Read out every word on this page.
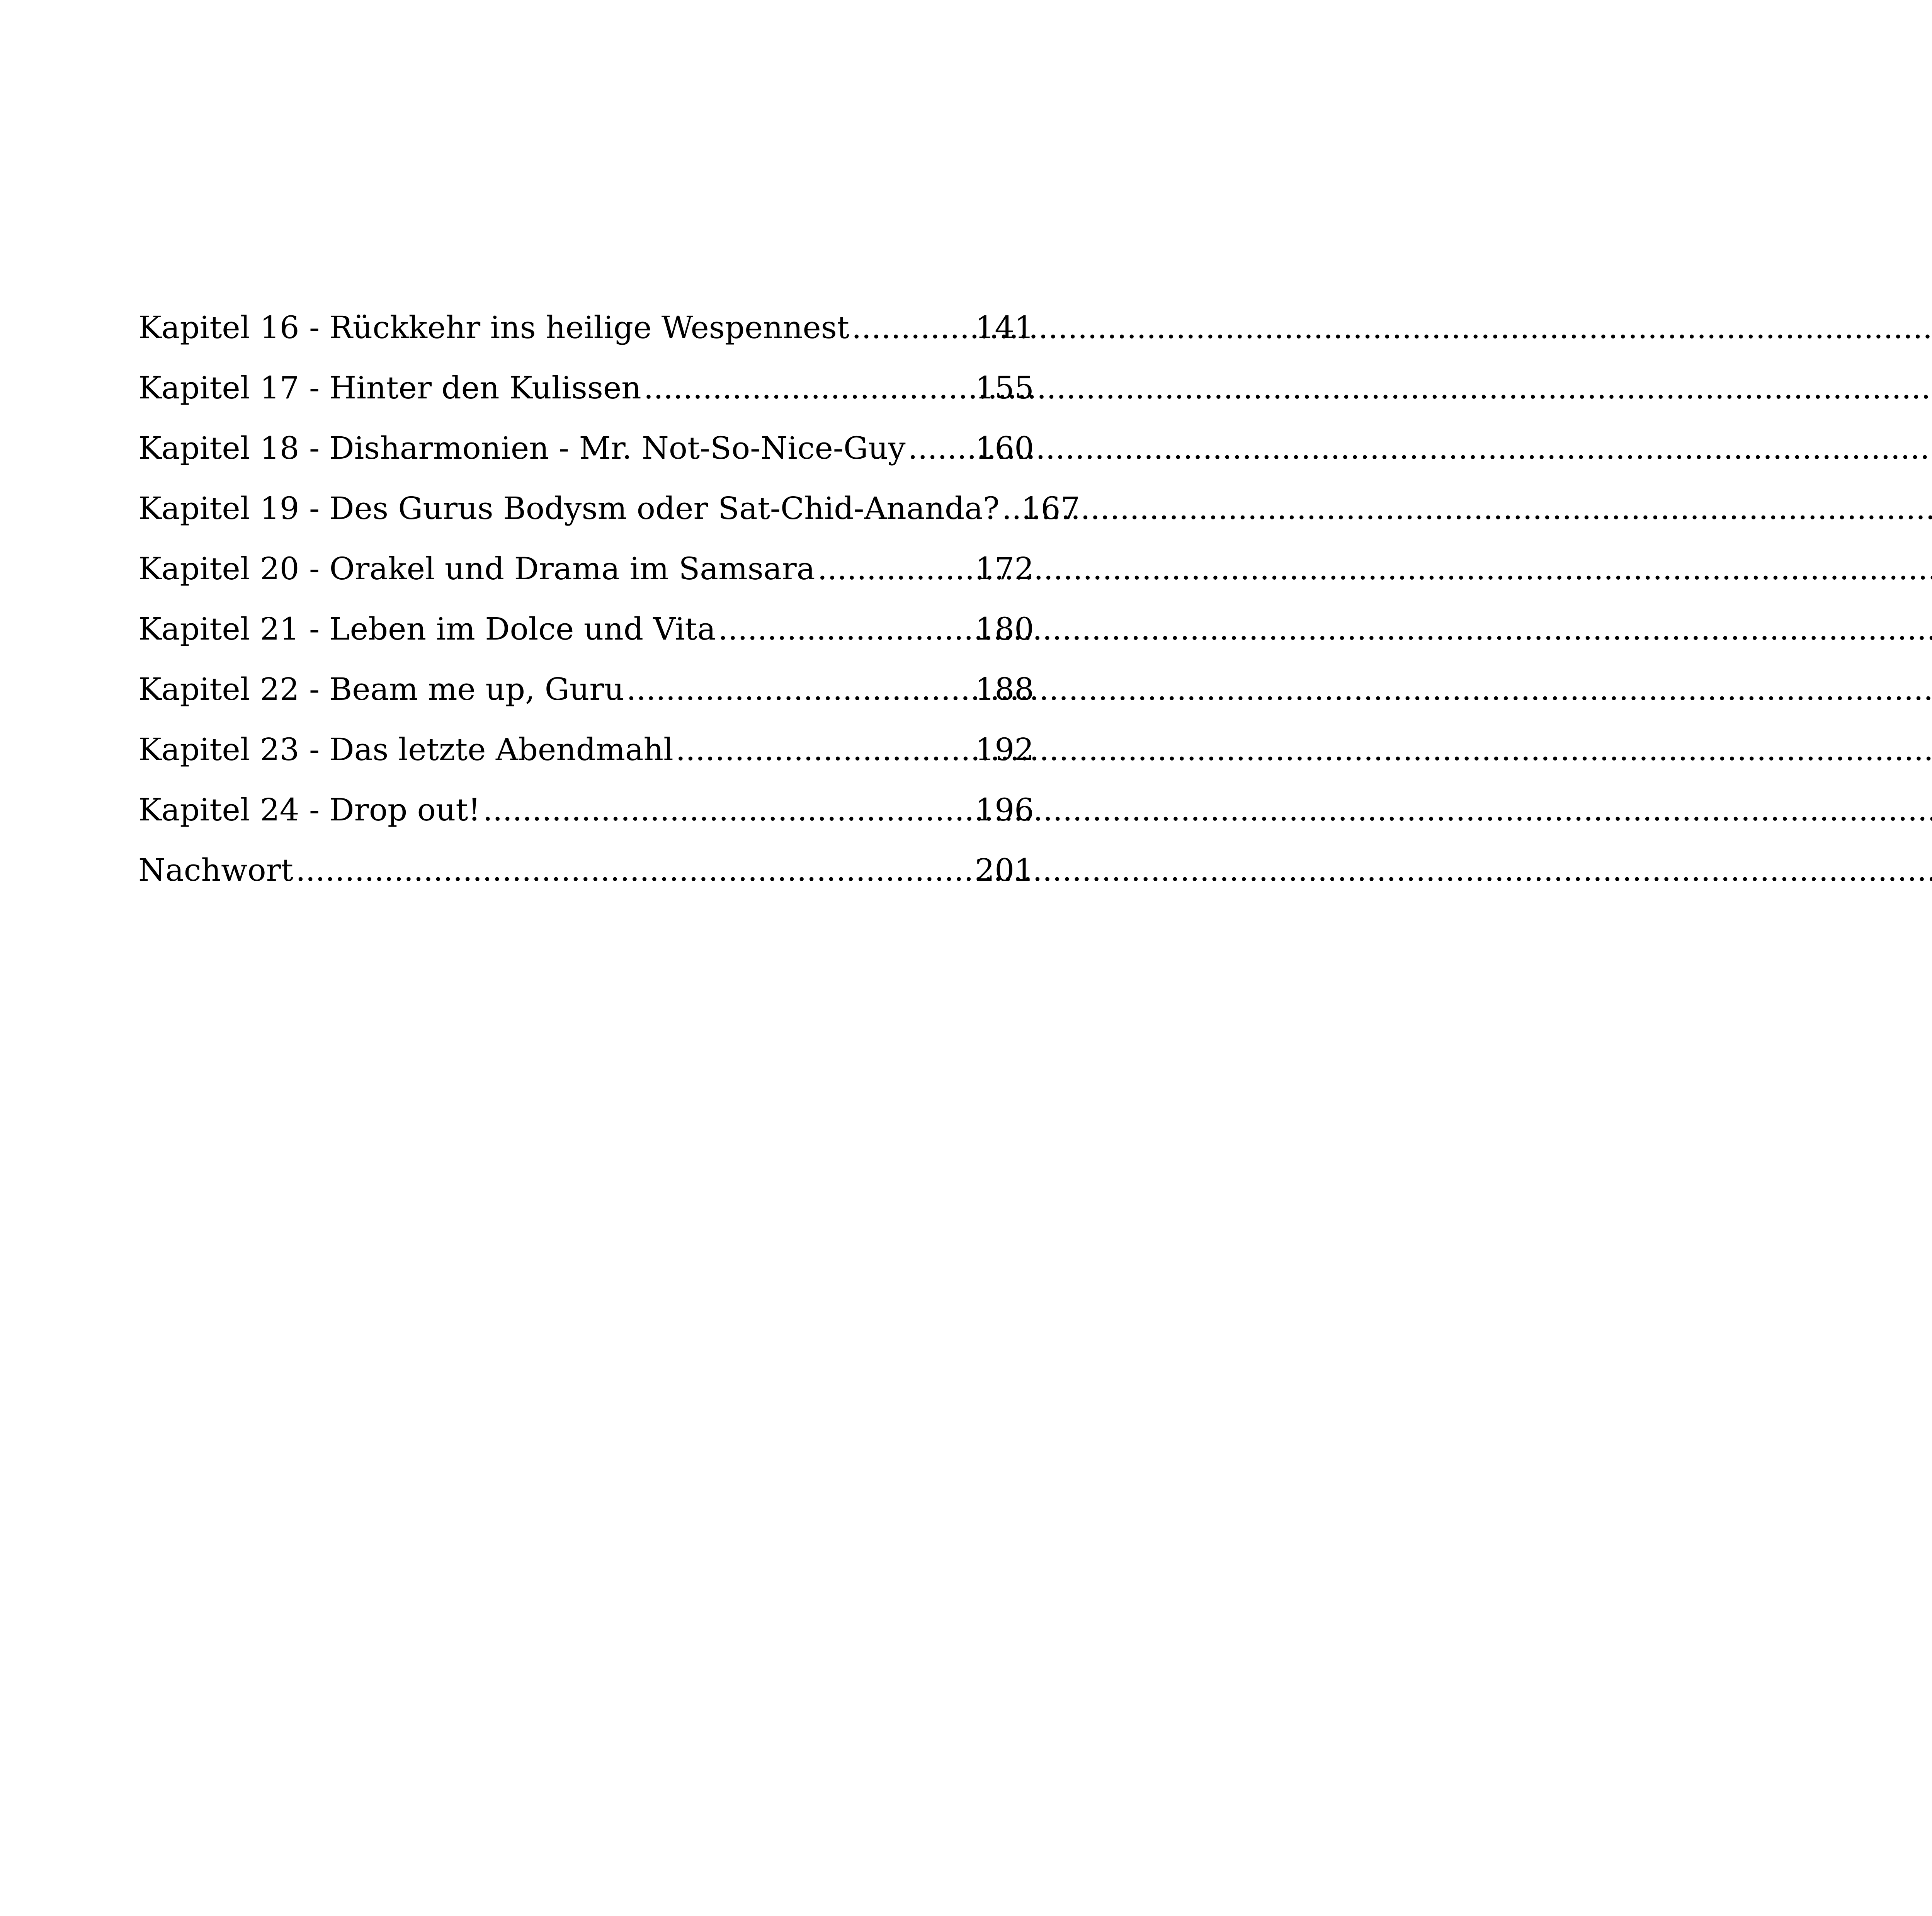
Kapitel 16 - Rückkehr ins heilige Wespennest .....	141
Kapitel 17 - Hinter den Kulissen .....	155
Kapitel 18 - Disharmonien - Mr. Not-So-Nice-Guy ..... 160
Kapitel 19 - Des Gurus Bodysm oder Sat-Chid-Ananda? ..... 167
Kapitel 20 - Orakel und Drama im Samsara .....	172
Kapitel 21 - Leben im Dolce und Vita .....	180
Kapitel 22 - Beam me up, Guru .....	188
Kapitel 23 - Das letzte Abendmahl .....	192
Kapitel 24 - Drop out! .....	196
Nachwort .....	201
